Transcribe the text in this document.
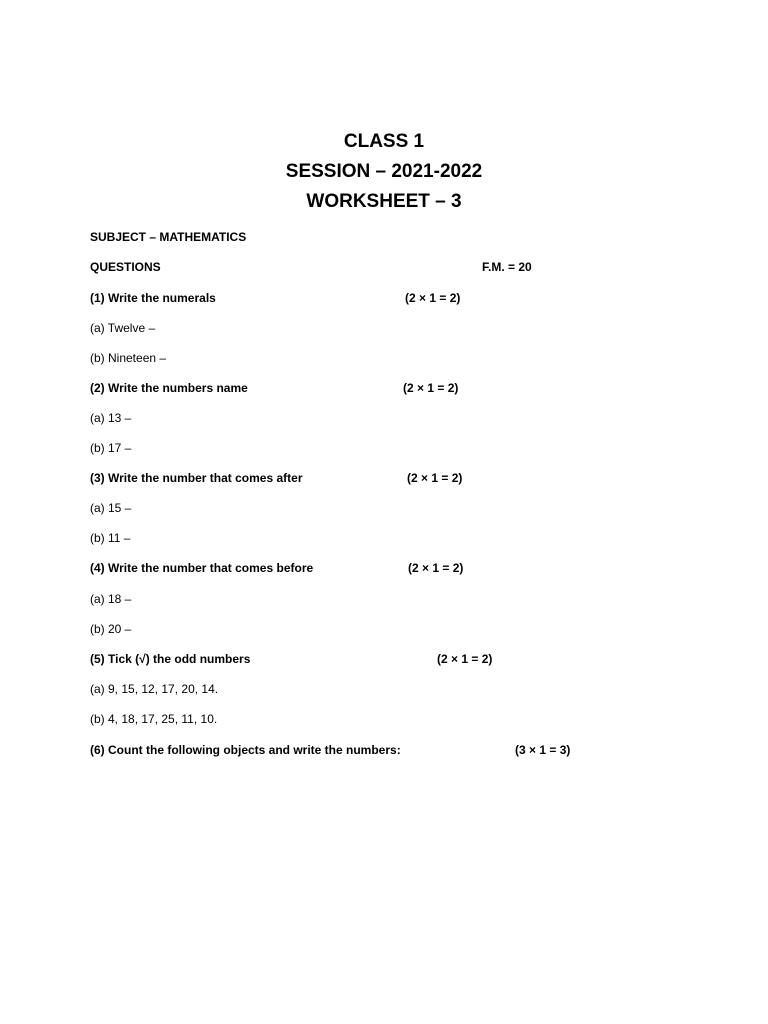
CLASS 1
SESSION – 2021-2022
WORKSHEET – 3
SUBJECT – MATHEMATICS
QUESTIONS	F.M. = 20
(1) Write the numerals	(2 × 1 = 2)
(a) Twelve –
(b) Nineteen –
(2) Write the numbers name	(2 × 1 = 2)
(a) 13 –
(b) 17 –
(3) Write the number that comes after	(2 × 1 = 2)
(a) 15 –
(b) 11 –
(4) Write the number that comes before	(2 × 1 = 2)
(a) 18 –
(b) 20 –
(5) Tick (√) the odd numbers	(2 × 1 = 2)
(a) 9, 15, 12, 17, 20, 14.
(b) 4, 18, 17, 25, 11, 10.
(6) Count the following objects and write the numbers:	(3 × 1 = 3)
